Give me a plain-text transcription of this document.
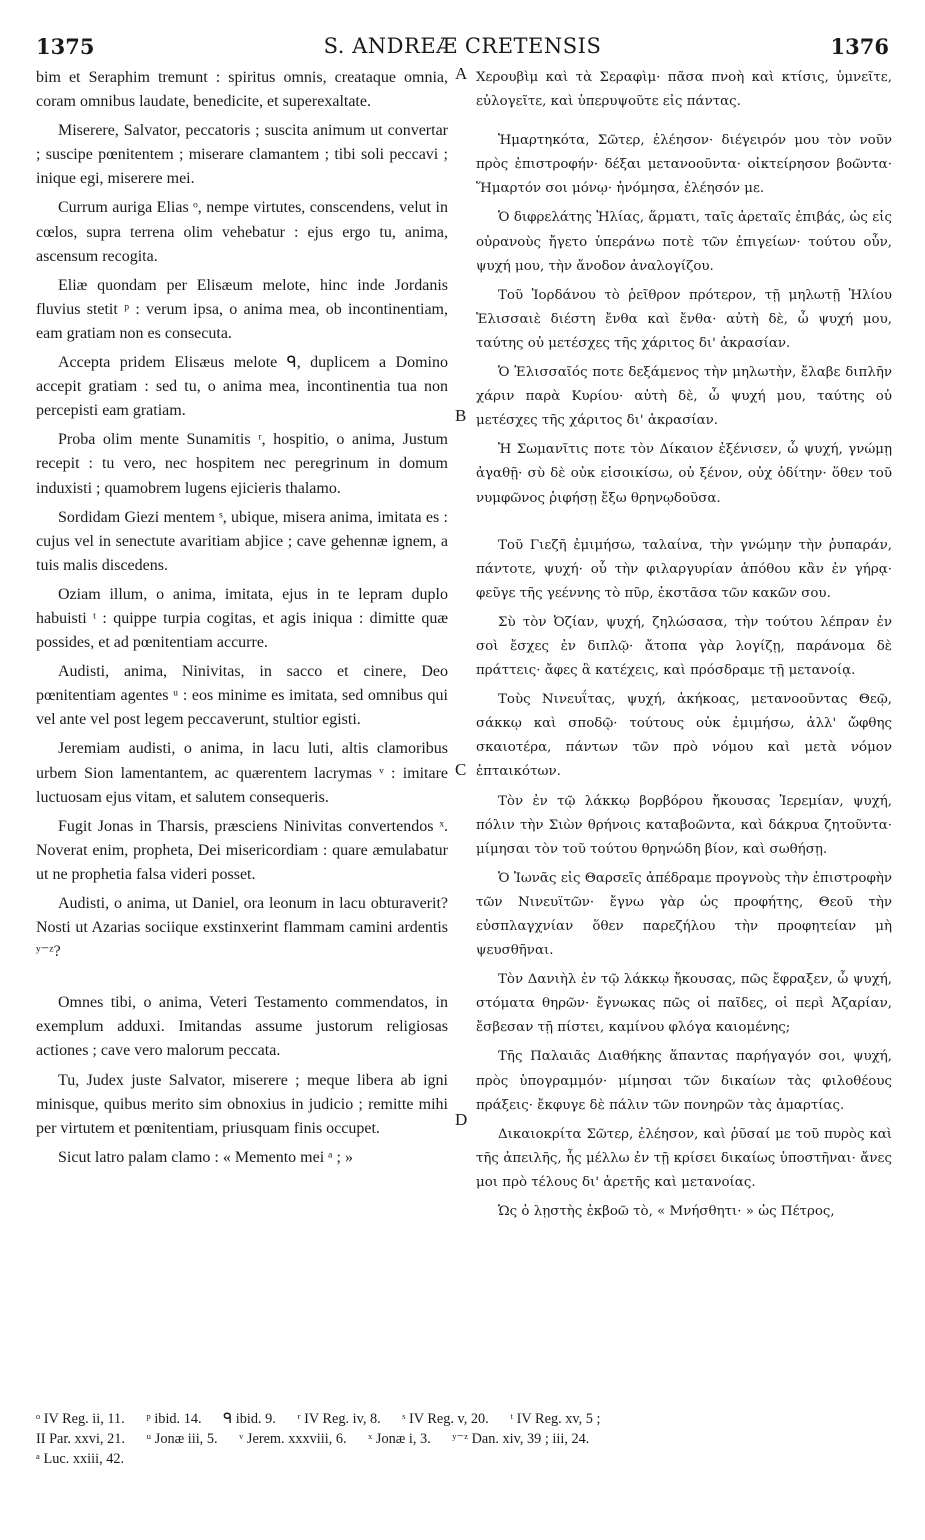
1375	S. ANDREÆ CRETENSIS	1376

bim et Seraphim tremunt : spiritus omnis, creataque omnia, coram omnibus laudate, benedicite, et superexaltate.

Miserere, Salvator, peccatoris ; suscita animum ut convertar ; suscipe pœnitentem ; miserare clamantem ; tibi soli peccavi ; inique egi, miserere mei.

Currum auriga Elias ᵒ, nempe virtutes, conscendens, velut in cœlos, supra terrena olim vehebatur : ejus ergo tu, anima, ascensum recogita.

Eliæ quondam per Elisæum melote, hinc inde Jordanis fluvius stetit ᵖ : verum ipsa, o anima mea, ob incontinentiam, eam gratiam non es consecuta.

Accepta pridem Elisæus melote ᑫ, duplicem a Domino accepit gratiam : sed tu, o anima mea, incontinentia tua non percepisti eam gratiam.

Proba olim mente Sunamitis ʳ, hospitio, o anima, Justum recepit : tu vero, nec hospitem nec peregrinum in domum induxisti ; quamobrem lugens ejicieris thalamo.

Sordidam Giezi mentem ˢ, ubique, misera anima, imitata es : cujus vel in senectute avaritiam abjice ; cave gehennæ ignem, a tuis malis discedens.

Oziam illum, o anima, imitata, ejus in te lepram duplo habuisti ᵗ : quippe turpia cogitas, et agis iniqua : dimitte quæ possides, et ad pœnitentiam accurre.

Audisti, anima, Ninivitas, in sacco et cinere, Deo pœnitentiam agentes ᵘ : eos minime es imitata, sed omnibus qui vel ante vel post legem peccaverunt, stultior egisti.

Jeremiam audisti, o anima, in lacu luti, altis clamoribus urbem Sion lamentantem, ac quærentem lacrymas ᵛ : imitare luctuosam ejus vitam, et salutem consequeris.

Fugit Jonas in Tharsis, præsciens Ninivitas convertendos ˣ. Noverat enim, propheta, Dei misericordiam : quare æmulabatur ut ne prophetia falsa videri posset.

Audisti, o anima, ut Daniel, ora leonum in lacu obturaverit? Nosti ut Azarias sociique exstinxerint flammam camini ardentis ʸ⁻ᶻ?

Omnes tibi, o anima, Veteri Testamento commendatos, in exemplum adduxi. Imitandas assume justorum religiosas actiones ; cave vero malorum peccata.

Tu, Judex juste Salvator, miserere ; meque libera ab igni minisque, quibus merito sim obnoxius in judicio ; remitte mihi per virtutem et pœnitentiam, priusquam finis occupet.

Sicut latro palam clamo : « Memento mei ᵃ ; »

A
B
C
D

Χερουβὶμ καὶ τὰ Σεραφὶμ· πᾶσα πνοὴ καὶ κτίσις, ὑμνεῖτε, εὐλογεῖτε, καὶ ὑπερυψοῦτε εἰς πάντας.

Ἡμαρτηκότα, Σῶτερ, ἐλέησον· διέγειρόν μου τὸν νοῦν πρὸς ἐπιστροφήν· δέξαι μετανοοῦντα· οἰκτείρησον βοῶντα· Ἥμαρτόν σοι μόνῳ· ἠνόμησα, ἐλέησόν με.

Ὁ διφρελάτης Ἠλίας, ἅρματι, ταῖς ἀρεταῖς ἐπιβάς, ὡς εἰς οὐρανοὺς ἤγετο ὑπεράνω ποτὲ τῶν ἐπιγείων· τούτου οὖν, ψυχή μου, τὴν ἄνοδον ἀναλογίζου.

Τοῦ Ἰορδάνου τὸ ῥεῖθρον πρότερον, τῇ μηλωτῇ Ἠλίου Ἐλισσαιὲ διέστη ἔνθα καὶ ἔνθα· αὐτὴ δὲ, ὦ ψυχή μου, ταύτης οὐ μετέσχες τῆς χάριτος δι' ἀκρασίαν.

Ὁ Ἐλισσαῖός ποτε δεξάμενος τὴν μηλωτὴν, ἔλαβε διπλῆν χάριν παρὰ Κυρίου· αὐτὴ δὲ, ὦ ψυχή μου, ταύτης οὐ μετέσχες τῆς χάριτος δι' ἀκρασίαν.

Ἡ Σωμανῖτις ποτε τὸν Δίκαιον ἐξένισεν, ὦ ψυχή, γνώμῃ ἀγαθῇ· σὺ δὲ οὐκ εἰσοικίσω, οὐ ξένον, οὐχ ὁδίτην· ὅθεν τοῦ νυμφῶνος ῥιφήσῃ ἔξω θρηνῳδοῦσα.

Τοῦ Γιεζῆ ἐμιμήσω, ταλαίνα, τὴν γνώμην τὴν ῥυπαράν, πάντοτε, ψυχή· οὗ τὴν φιλαργυρίαν ἀπόθου κἂν ἐν γήρᾳ· φεῦγε τῆς γεέννης τὸ πῦρ, ἐκστᾶσα τῶν κακῶν σου.

Σὺ τὸν Ὀζίαν, ψυχή, ζηλώσασα, τὴν τούτου λέπραν ἐν σοὶ ἔσχες ἐν διπλῷ· ἄτοπα γὰρ λογίζῃ, παράνομα δὲ πράττεις· ἄφες ἃ κατέχεις, καὶ πρόσδραμε τῇ μετανοίᾳ.

Τοὺς Νινευΐτας, ψυχή, ἀκήκοας, μετανοοῦντας Θεῷ, σάκκῳ καὶ σποδῷ· τούτους οὐκ ἐμιμήσω, ἀλλ' ὤφθης σκαιοτέρα, πάντων τῶν πρὸ νόμου καὶ μετὰ νόμον ἐπταικότων.

Τὸν ἐν τῷ λάκκῳ βορβόρου ἤκουσας Ἱερεμίαν, ψυχή, πόλιν τὴν Σιὼν θρήνοις καταβοῶντα, καὶ δάκρυα ζητοῦντα· μίμησαι τὸν τοῦ τούτου θρηνώδη βίον, καὶ σωθήσῃ.

Ὁ Ἰωνᾶς εἰς Θαρσεῖς ἀπέδραμε προγνοὺς τὴν ἐπιστροφὴν τῶν Νινευϊτῶν· ἔγνω γὰρ ὡς προφήτης, Θεοῦ τὴν εὐσπλαγχνίαν ὅθεν παρεζήλου τὴν προφητείαν μὴ ψευσθῆναι.

Τὸν Δανιὴλ ἐν τῷ λάκκῳ ἤκουσας, πῶς ἔφραξεν, ὦ ψυχή, στόματα θηρῶν· ἔγνωκας πῶς οἱ παῖδες, οἱ περὶ Ἀζαρίαν, ἔσβεσαν τῇ πίστει, καμίνου φλόγα καιομένης;

Τῆς Παλαιᾶς Διαθήκης ἅπαντας παρήγαγόν σοι, ψυχή, πρὸς ὑπογραμμόν· μίμησαι τῶν δικαίων τὰς φιλοθέους πράξεις· ἔκφυγε δὲ πάλιν τῶν πονηρῶν τὰς ἁμαρτίας.

Δικαιοκρίτα Σῶτερ, ἐλέησον, καὶ ῥῦσαί με τοῦ πυρὸς καὶ τῆς ἀπειλῆς, ἧς μέλλω ἐν τῇ κρίσει δικαίως ὑποστῆναι· ἄνες μοι πρὸ τέλους δι' ἀρετῆς καὶ μετανοίας.

Ὡς ὁ λῃστὴς ἐκβοῶ τὸ, « Μνήσθητι· » ὡς Πέτρος,

ᵒ IV Reg. ii, 11. ᵖ ibid. 14. ᑫ ibid. 9. ʳ IV Reg. iv, 8. ˢ IV Reg. v, 20. ᵗ IV Reg. xv, 5 ;
II Par. xxvi, 21. ᵘ Jonæ iii, 5. ᵛ Jerem. xxxviii, 6. ˣ Jonæ i, 3. ʸ⁻ᶻ Dan. xiv, 39 ; iii, 24.
ᵃ Luc. xxiii, 42.
